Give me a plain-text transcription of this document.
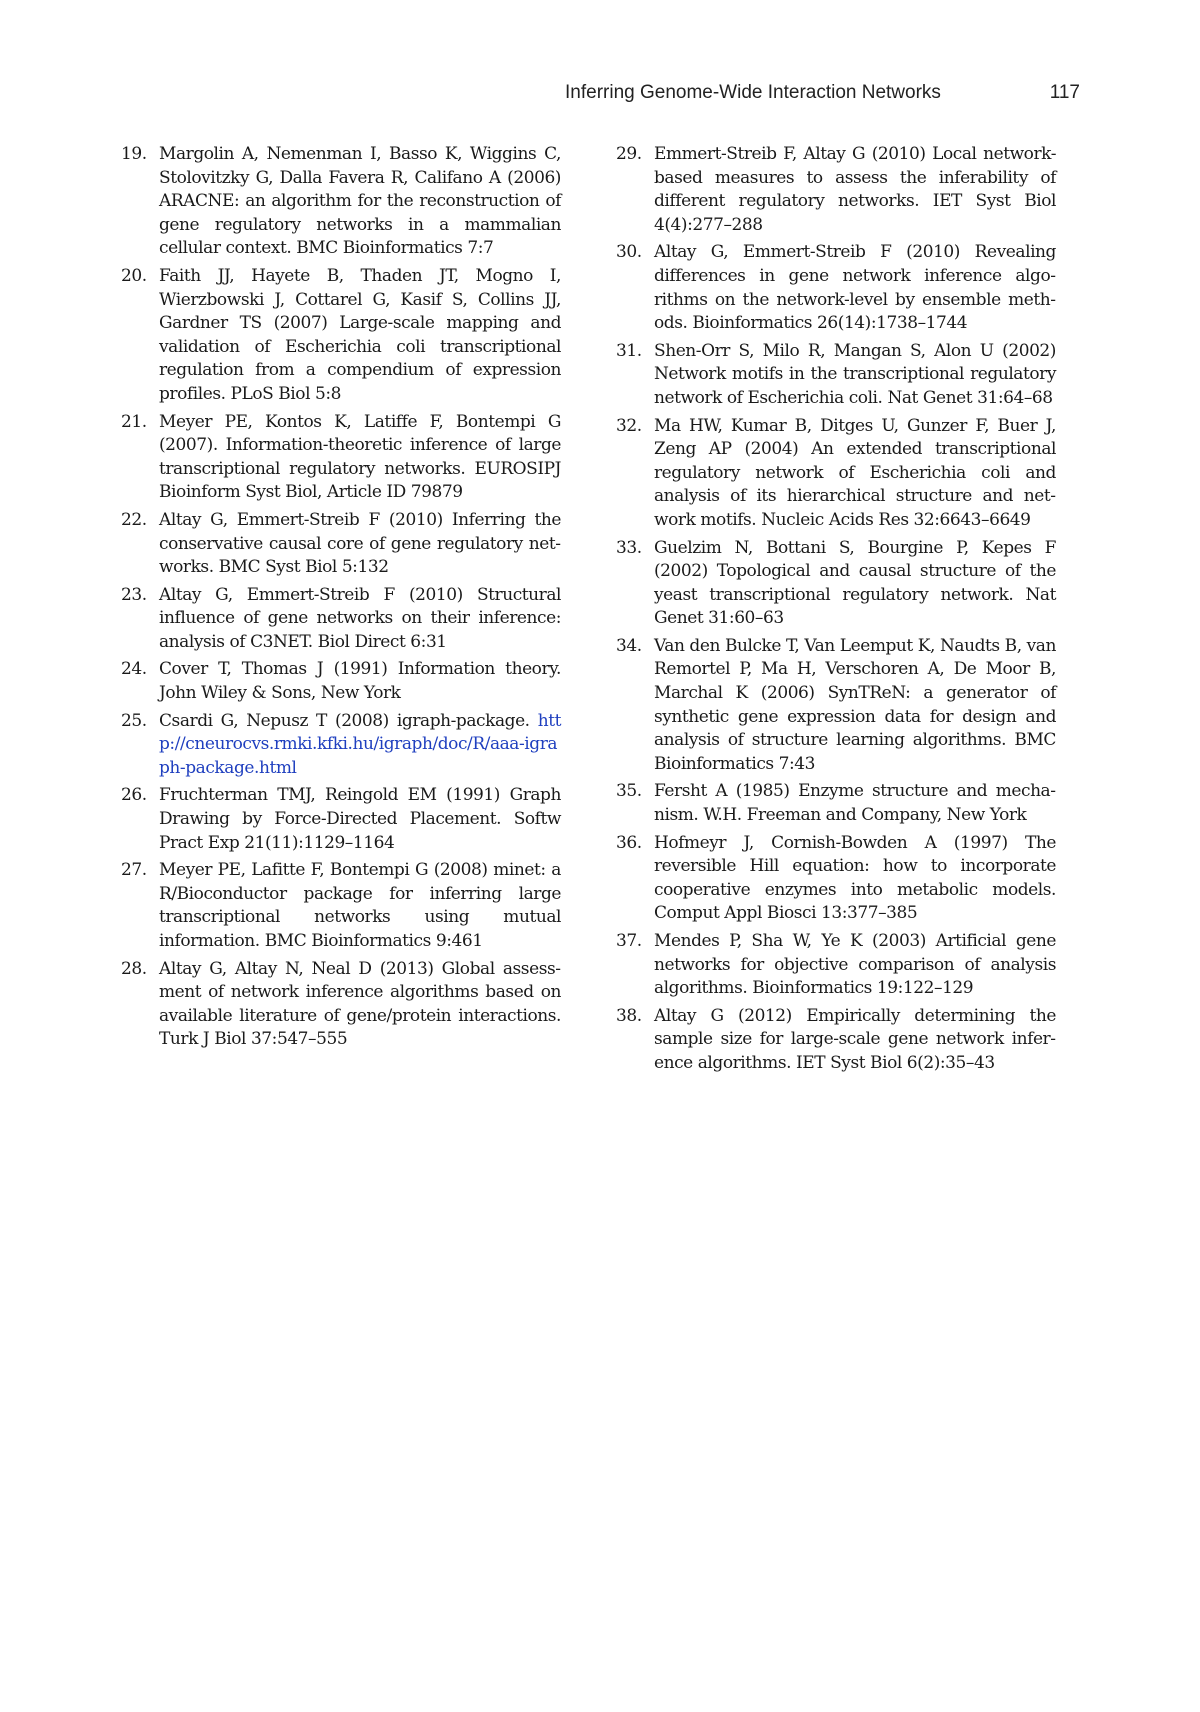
Inferring Genome-Wide Interaction Networks	117
19. Margolin A, Nemenman I, Basso K, Wiggins C, Stolovitzky G, Dalla Favera R, Califano A (2006) ARACNE: an algorithm for the reconstruction of gene regulatory networks in a mammalian cellular context. BMC Bioinformatics 7:7
20. Faith JJ, Hayete B, Thaden JT, Mogno I, Wierzbowski J, Cottarel G, Kasif S, Collins JJ, Gardner TS (2007) Large-scale mapping and validation of Escherichia coli transcriptional regulation from a compendium of expression profiles. PLoS Biol 5:8
21. Meyer PE, Kontos K, Latiffe F, Bontempi G (2007). Information-theoretic inference of large transcriptional regulatory networks. EUROSIPJ Bioinform Syst Biol, Article ID 79879
22. Altay G, Emmert-Streib F (2010) Inferring the conservative causal core of gene regulatory networks. BMC Syst Biol 5:132
23. Altay G, Emmert-Streib F (2010) Structural influence of gene networks on their inference: analysis of C3NET. Biol Direct 6:31
24. Cover T, Thomas J (1991) Information theory. John Wiley & Sons, New York
25. Csardi G, Nepusz T (2008) igraph-package. http://cneurocvs.rmki.kfki.hu/igraph/doc/R/aaa-igraph-package.html
26. Fruchterman TMJ, Reingold EM (1991) Graph Drawing by Force-Directed Placement. Softw Pract Exp 21(11):1129–1164
27. Meyer PE, Lafitte F, Bontempi G (2008) minet: a R/Bioconductor package for inferring large transcriptional networks using mutual information. BMC Bioinformatics 9:461
28. Altay G, Altay N, Neal D (2013) Global assessment of network inference algorithms based on available literature of gene/protein interactions. Turk J Biol 37:547–555
29. Emmert-Streib F, Altay G (2010) Local network-based measures to assess the inferability of different regulatory networks. IET Syst Biol 4(4):277–288
30. Altay G, Emmert-Streib F (2010) Revealing differences in gene network inference algorithms on the network-level by ensemble methods. Bioinformatics 26(14):1738–1744
31. Shen-Orr S, Milo R, Mangan S, Alon U (2002) Network motifs in the transcriptional regulatory network of Escherichia coli. Nat Genet 31:64–68
32. Ma HW, Kumar B, Ditges U, Gunzer F, Buer J, Zeng AP (2004) An extended transcriptional regulatory network of Escherichia coli and analysis of its hierarchical structure and network motifs. Nucleic Acids Res 32:6643–6649
33. Guelzim N, Bottani S, Bourgine P, Kepes F (2002) Topological and causal structure of the yeast transcriptional regulatory network. Nat Genet 31:60–63
34. Van den Bulcke T, Van Leemput K, Naudts B, van Remortel P, Ma H, Verschoren A, De Moor B, Marchal K (2006) SynTReN: a generator of synthetic gene expression data for design and analysis of structure learning algorithms. BMC Bioinformatics 7:43
35. Fersht A (1985) Enzyme structure and mechanism. W.H. Freeman and Company, New York
36. Hofmeyr J, Cornish-Bowden A (1997) The reversible Hill equation: how to incorporate cooperative enzymes into metabolic models. Comput Appl Biosci 13:377–385
37. Mendes P, Sha W, Ye K (2003) Artificial gene networks for objective comparison of analysis algorithms. Bioinformatics 19:122–129
38. Altay G (2012) Empirically determining the sample size for large-scale gene network inference algorithms. IET Syst Biol 6(2):35–43
